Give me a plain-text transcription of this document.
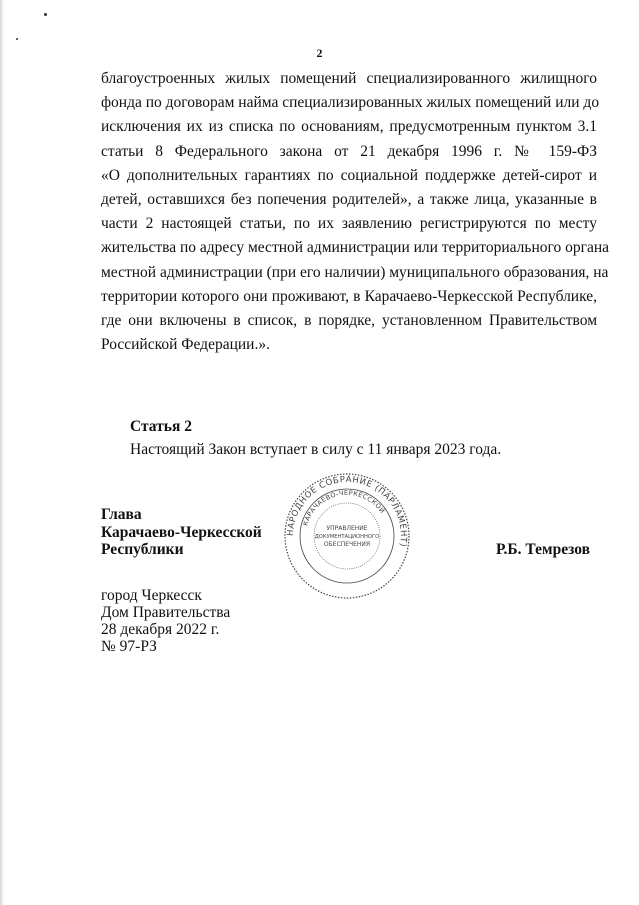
2
благоустроенных жилых помещений специализированного жилищного
фонда по договорам найма специализированных жилых помещений или до
исключения их из списка по основаниям, предусмотренным пунктом 3.1
статьи 8 Федерального закона от 21 декабря 1996 г. № 159-ФЗ
«О дополнительных гарантиях по социальной поддержке детей-сирот и
детей, оставшихся без попечения родителей», а также лица, указанные в
части 2 настоящей статьи, по их заявлению регистрируются по месту
жительства по адресу местной администрации или территориального органа
местной администрации (при его наличии) муниципального образования, на
территории которого они проживают, в Карачаево-Черкесской Республике,
где они включены в список, в порядке, установленном Правительством
Российской Федерации.».
Статья 2
Настоящий Закон вступает в силу с 11 января 2023 года.
Глава
Карачаево-Черкесской
Республики
НАРОДНОЕ СОБРАНИЕ (ПАРЛАМЕНТ)
КАРАЧАЕВО-ЧЕРКЕССКОЙ
УПРАВЛЕНИЕ
ДОКУМЕНТАЦИОННОГО
ОБЕСПЕЧЕНИЯ	Р.Б. Темрезов
город Черкесск
Дом Правительства
28 декабря 2022 г.
№ 97-РЗ
